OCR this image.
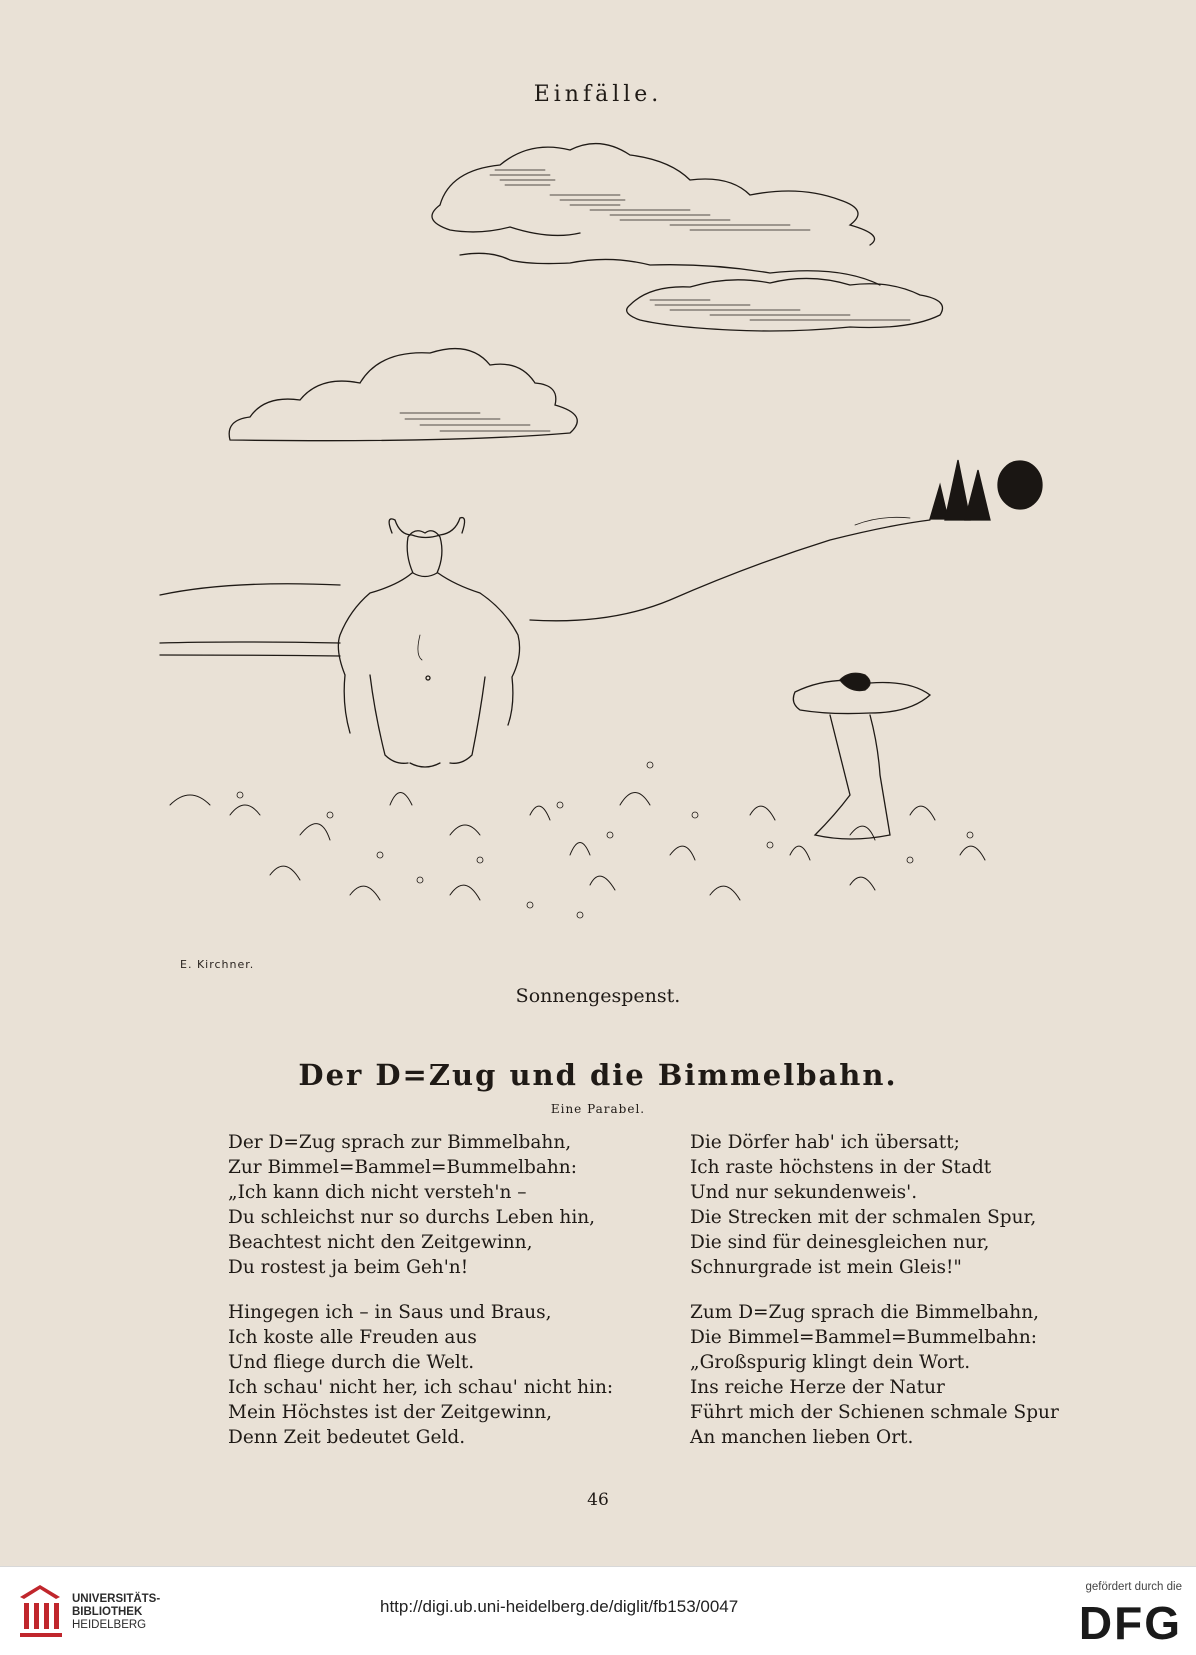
Einfälle.
E. Kirchner.
Sonnengespenst.
Der D=Zug und die Bimmelbahn.
Eine Parabel.

Der D=Zug sprach zur Bimmelbahn,
Zur Bimmel=Bammel=Bummelbahn:
„Ich kann dich nicht versteh'n –
Du schleichst nur so durchs Leben hin,
Beachtest nicht den Zeitgewinn,
Du rostest ja beim Geh'n!

Die Dörfer hab' ich übersatt;
Ich raste höchstens in der Stadt
Und nur sekundenweis'.
Die Strecken mit der schmalen Spur,
Die sind für deinesgleichen nur,
Schnurgrade ist mein Gleis!"

Hingegen ich – in Saus und Braus,
Ich koste alle Freuden aus
Und fliege durch die Welt.
Ich schau' nicht her, ich schau' nicht hin:
Mein Höchstes ist der Zeitgewinn,
Denn Zeit bedeutet Geld.

Zum D=Zug sprach die Bimmelbahn,
Die Bimmel=Bammel=Bummelbahn:
„Großspurig klingt dein Wort.
Ins reiche Herze der Natur
Führt mich der Schienen schmale Spur
An manchen lieben Ort.

46
UNIVERSITÄTS-
BIBLIOTHEK
HEIDELBERG
http://digi.ub.uni-heidelberg.de/diglit/fb153/0047
gefördert durch die
DFG
